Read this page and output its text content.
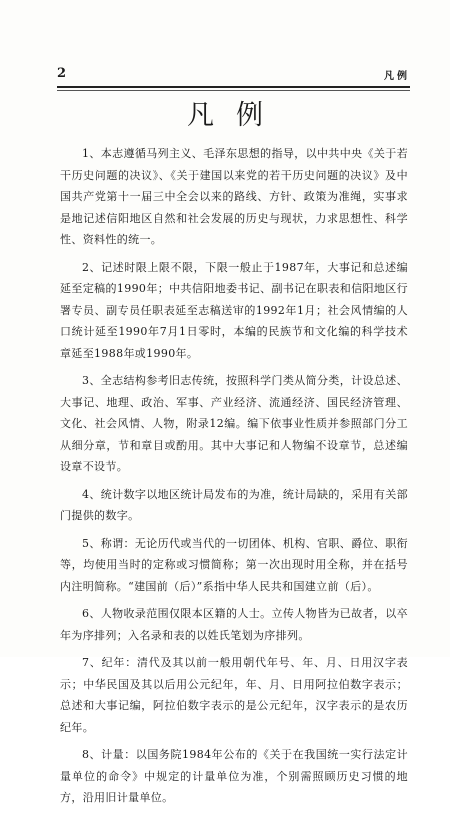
2	凡例
凡例

1、本志遵循马列主义、毛泽东思想的指导，以中共中央《关于若干历史问题的决议》、《关于建国以来党的若干历史问题的决议》及中国共产党第十一届三中全会以来的路线、方针、政策为准绳，实事求是地记述信阳地区自然和社会发展的历史与现状，力求思想性、科学性、资料性的统一。

2、记述时限上限不限，下限一般止于1987年，大事记和总述编延至定稿的1990年；中共信阳地委书记、副书记在职表和信阳地区行署专员、副专员任职表延至志稿送审的1992年1月；社会风情编的人口统计延至1990年7月1日零时，本编的民族节和文化编的科学技术章延至1988年或1990年。

3、全志结构参考旧志传统，按照科学门类从简分类，计设总述、大事记、地理、政治、军事、产业经济、流通经济、国民经济管理、文化、社会风情、人物，附录12编。编下依事业性质并参照部门分工从细分章，节和章目或酌用。其中大事记和人物编不设章节，总述编设章不设节。

4、统计数字以地区统计局发布的为准，统计局缺的，采用有关部门提供的数字。

5、称谓：无论历代或当代的一切团体、机构、官职、爵位、职衔等，均使用当时的定称或习惯简称；第一次出现时用全称，并在括号内注明简称。“建国前（后）”系指中华人民共和国建立前（后）。

6、人物收录范围仅限本区籍的人士。立传人物皆为已故者，以卒年为序排列；入名录和表的以姓氏笔划为序排列。

7、纪年：清代及其以前一般用朝代年号、年、月、日用汉字表示；中华民国及其以后用公元纪年，年、月、日用阿拉伯数字表示；总述和大事记编，阿拉伯数字表示的是公元纪年，汉字表示的是农历纪年。

8、计量：以国务院1984年公布的《关于在我国统一实行法定计量单位的命令》中规定的计量单位为准，个别需照顾历史习惯的地方，沿用旧计量单位。
